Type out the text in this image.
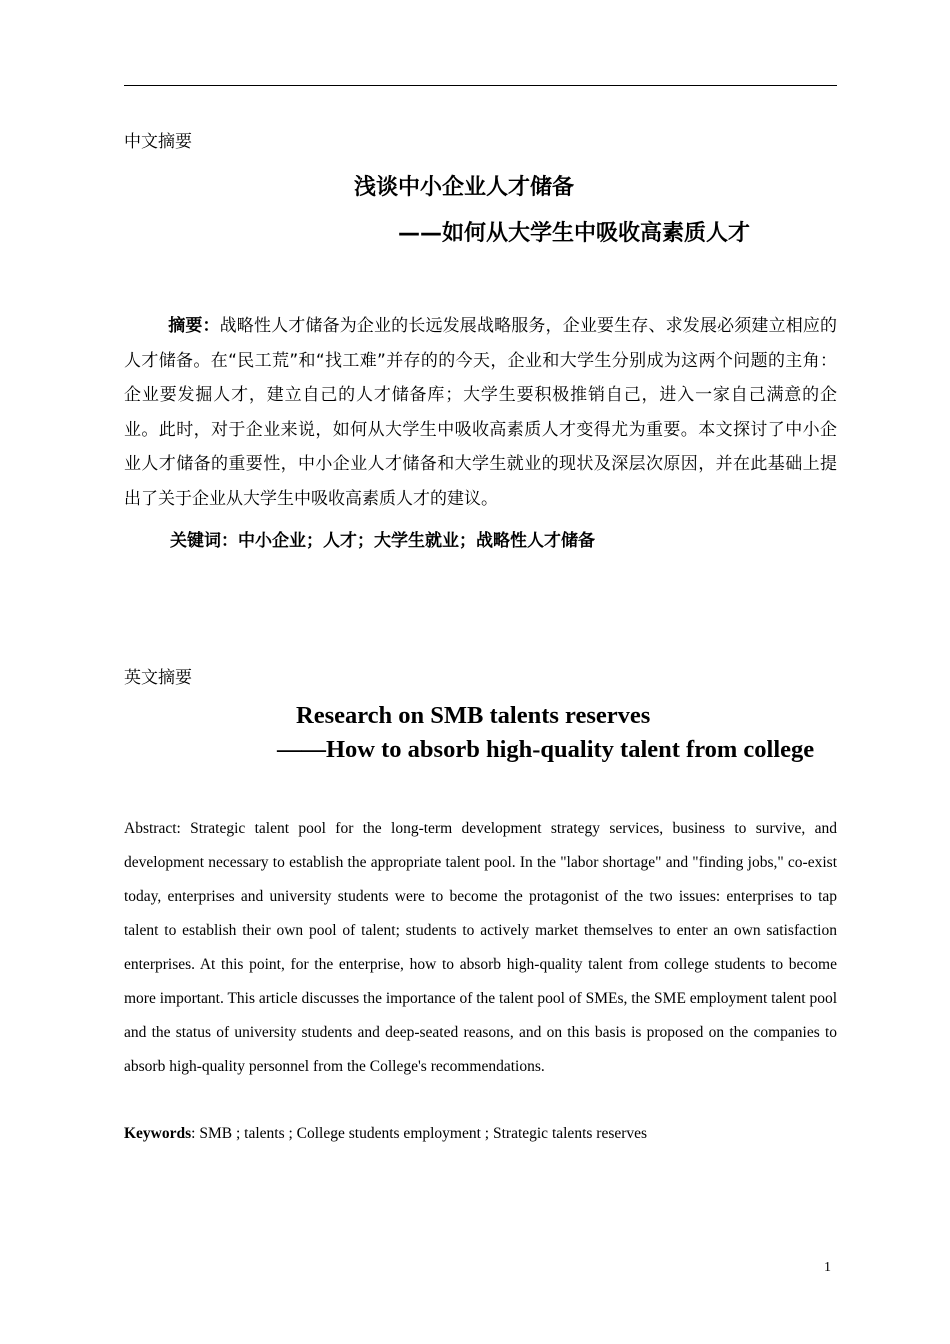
中文摘要
浅谈中小企业人才储备
——如何从大学生中吸收高素质人才

摘要：战略性人才储备为企业的长远发展战略服务，企业要生存、求发展必须建立相应的人才储备。在“民工荒”和“找工难”并存的的今天，企业和大学生分别成为这两个问题的主角：企业要发掘人才，建立自己的人才储备库；大学生要积极推销自己，进入一家自己满意的企业。此时，对于企业来说，如何从大学生中吸收高素质人才变得尤为重要。本文探讨了中小企业人才储备的重要性，中小企业人才储备和大学生就业的现状及深层次原因，并在此基础上提出了关于企业从大学生中吸收高素质人才的建议。

关键词：中小企业；人才；大学生就业；战略性人才储备
英文摘要
Research on SMB talents reserves
——How to absorb high-quality talent from college

Abstract: Strategic talent pool for the long-term development strategy services, business to survive, and development necessary to establish the appropriate talent pool. In the "labor shortage" and "finding jobs," co-exist today, enterprises and university students were to become the protagonist of the two issues: enterprises to tap talent to establish their own pool of talent; students to actively market themselves to enter an own satisfaction enterprises. At this point, for the enterprise, how to absorb high-quality talent from college students to become more important. This article discusses the importance of the talent pool of SMEs, the SME employment talent pool and the status of university students and deep-seated reasons, and on this basis is proposed on the companies to absorb high-quality personnel from the College's recommendations.

Keywords: SMB ; talents ; College students employment ; Strategic talents reserves
1
